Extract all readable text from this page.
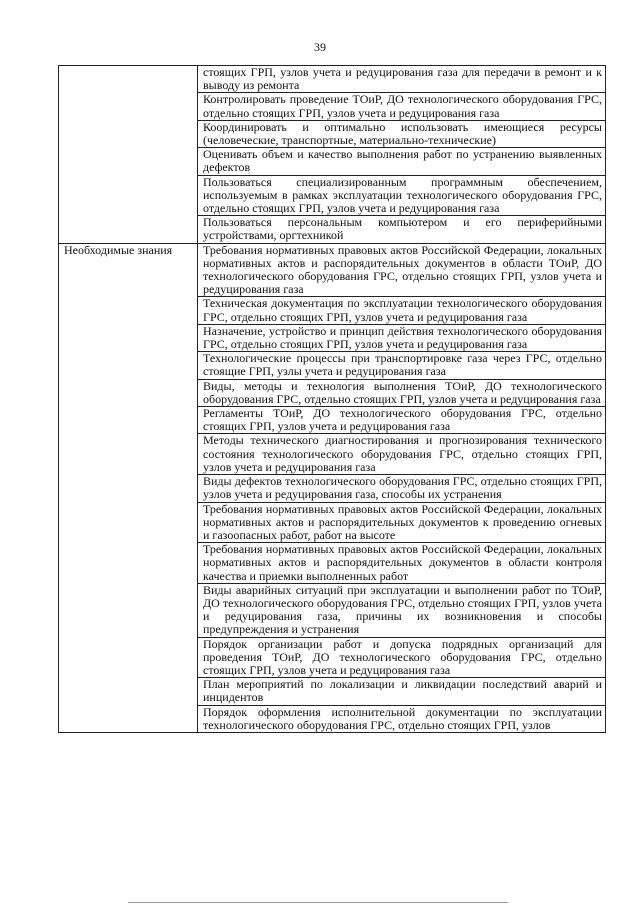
39
	стоящих ГРП, узлов учета и редуцирования газа для передачи в ремонт и к выводу из ремонта
	Контролировать проведение ТОиР, ДО технологического оборудования ГРС, отдельно стоящих ГРП, узлов учета и редуцирования газа
	Координировать и оптимально использовать имеющиеся ресурсы (человеческие, транспортные, материально-технические)
	Оценивать объем и качество выполнения работ по устранению выявленных дефектов
	Пользоваться специализированным программным обеспечением, используемым в рамках эксплуатации технологического оборудования ГРС, отдельно стоящих ГРП, узлов учета и редуцирования газа
	Пользоваться персональным компьютером и его периферийными устройствами, оргтехникой
Необходимые знания	Требования нормативных правовых актов Российской Федерации, локальных нормативных актов и распорядительных документов в области ТОиР, ДО технологического оборудования ГРС, отдельно стоящих ГРП, узлов учета и редуцирования газа
	Техническая документация по эксплуатации технологического оборудования ГРС, отдельно стоящих ГРП, узлов учета и редуцирования газа
	Назначение, устройство и принцип действия технологического оборудования ГРС, отдельно стоящих ГРП, узлов учета и редуцирования газа
	Технологические процессы при транспортировке газа через ГРС, отдельно стоящие ГРП, узлы учета и редуцирования газа
	Виды, методы и технология выполнения ТОиР, ДО технологического оборудования ГРС, отдельно стоящих ГРП, узлов учета и редуцирования газа
	Регламенты ТОиР, ДО технологического оборудования ГРС, отдельно стоящих ГРП, узлов учета и редуцирования газа
	Методы технического диагностирования и прогнозирования технического состояния технологического оборудования ГРС, отдельно стоящих ГРП, узлов учета и редуцирования газа
	Виды дефектов технологического оборудования ГРС, отдельно стоящих ГРП, узлов учета и редуцирования газа, способы их устранения
	Требования нормативных правовых актов Российской Федерации, локальных нормативных актов и распорядительных документов к проведению огневых и газоопасных работ, работ на высоте
	Требования нормативных правовых актов Российской Федерации, локальных нормативных актов и распорядительных документов в области контроля качества и приемки выполненных работ
	Виды аварийных ситуаций при эксплуатации и выполнении работ по ТОиР, ДО технологического оборудования ГРС, отдельно стоящих ГРП, узлов учета и редуцирования газа, причины их возникновения и способы предупреждения и устранения
	Порядок организации работ и допуска подрядных организаций для проведения ТОиР, ДО технологического оборудования ГРС, отдельно стоящих ГРП, узлов учета и редуцирования газа
	План мероприятий по локализации и ликвидации последствий аварий и инцидентов
	Порядок оформления исполнительной документации по эксплуатации технологического оборудования ГРС, отдельно стоящих ГРП, узлов
